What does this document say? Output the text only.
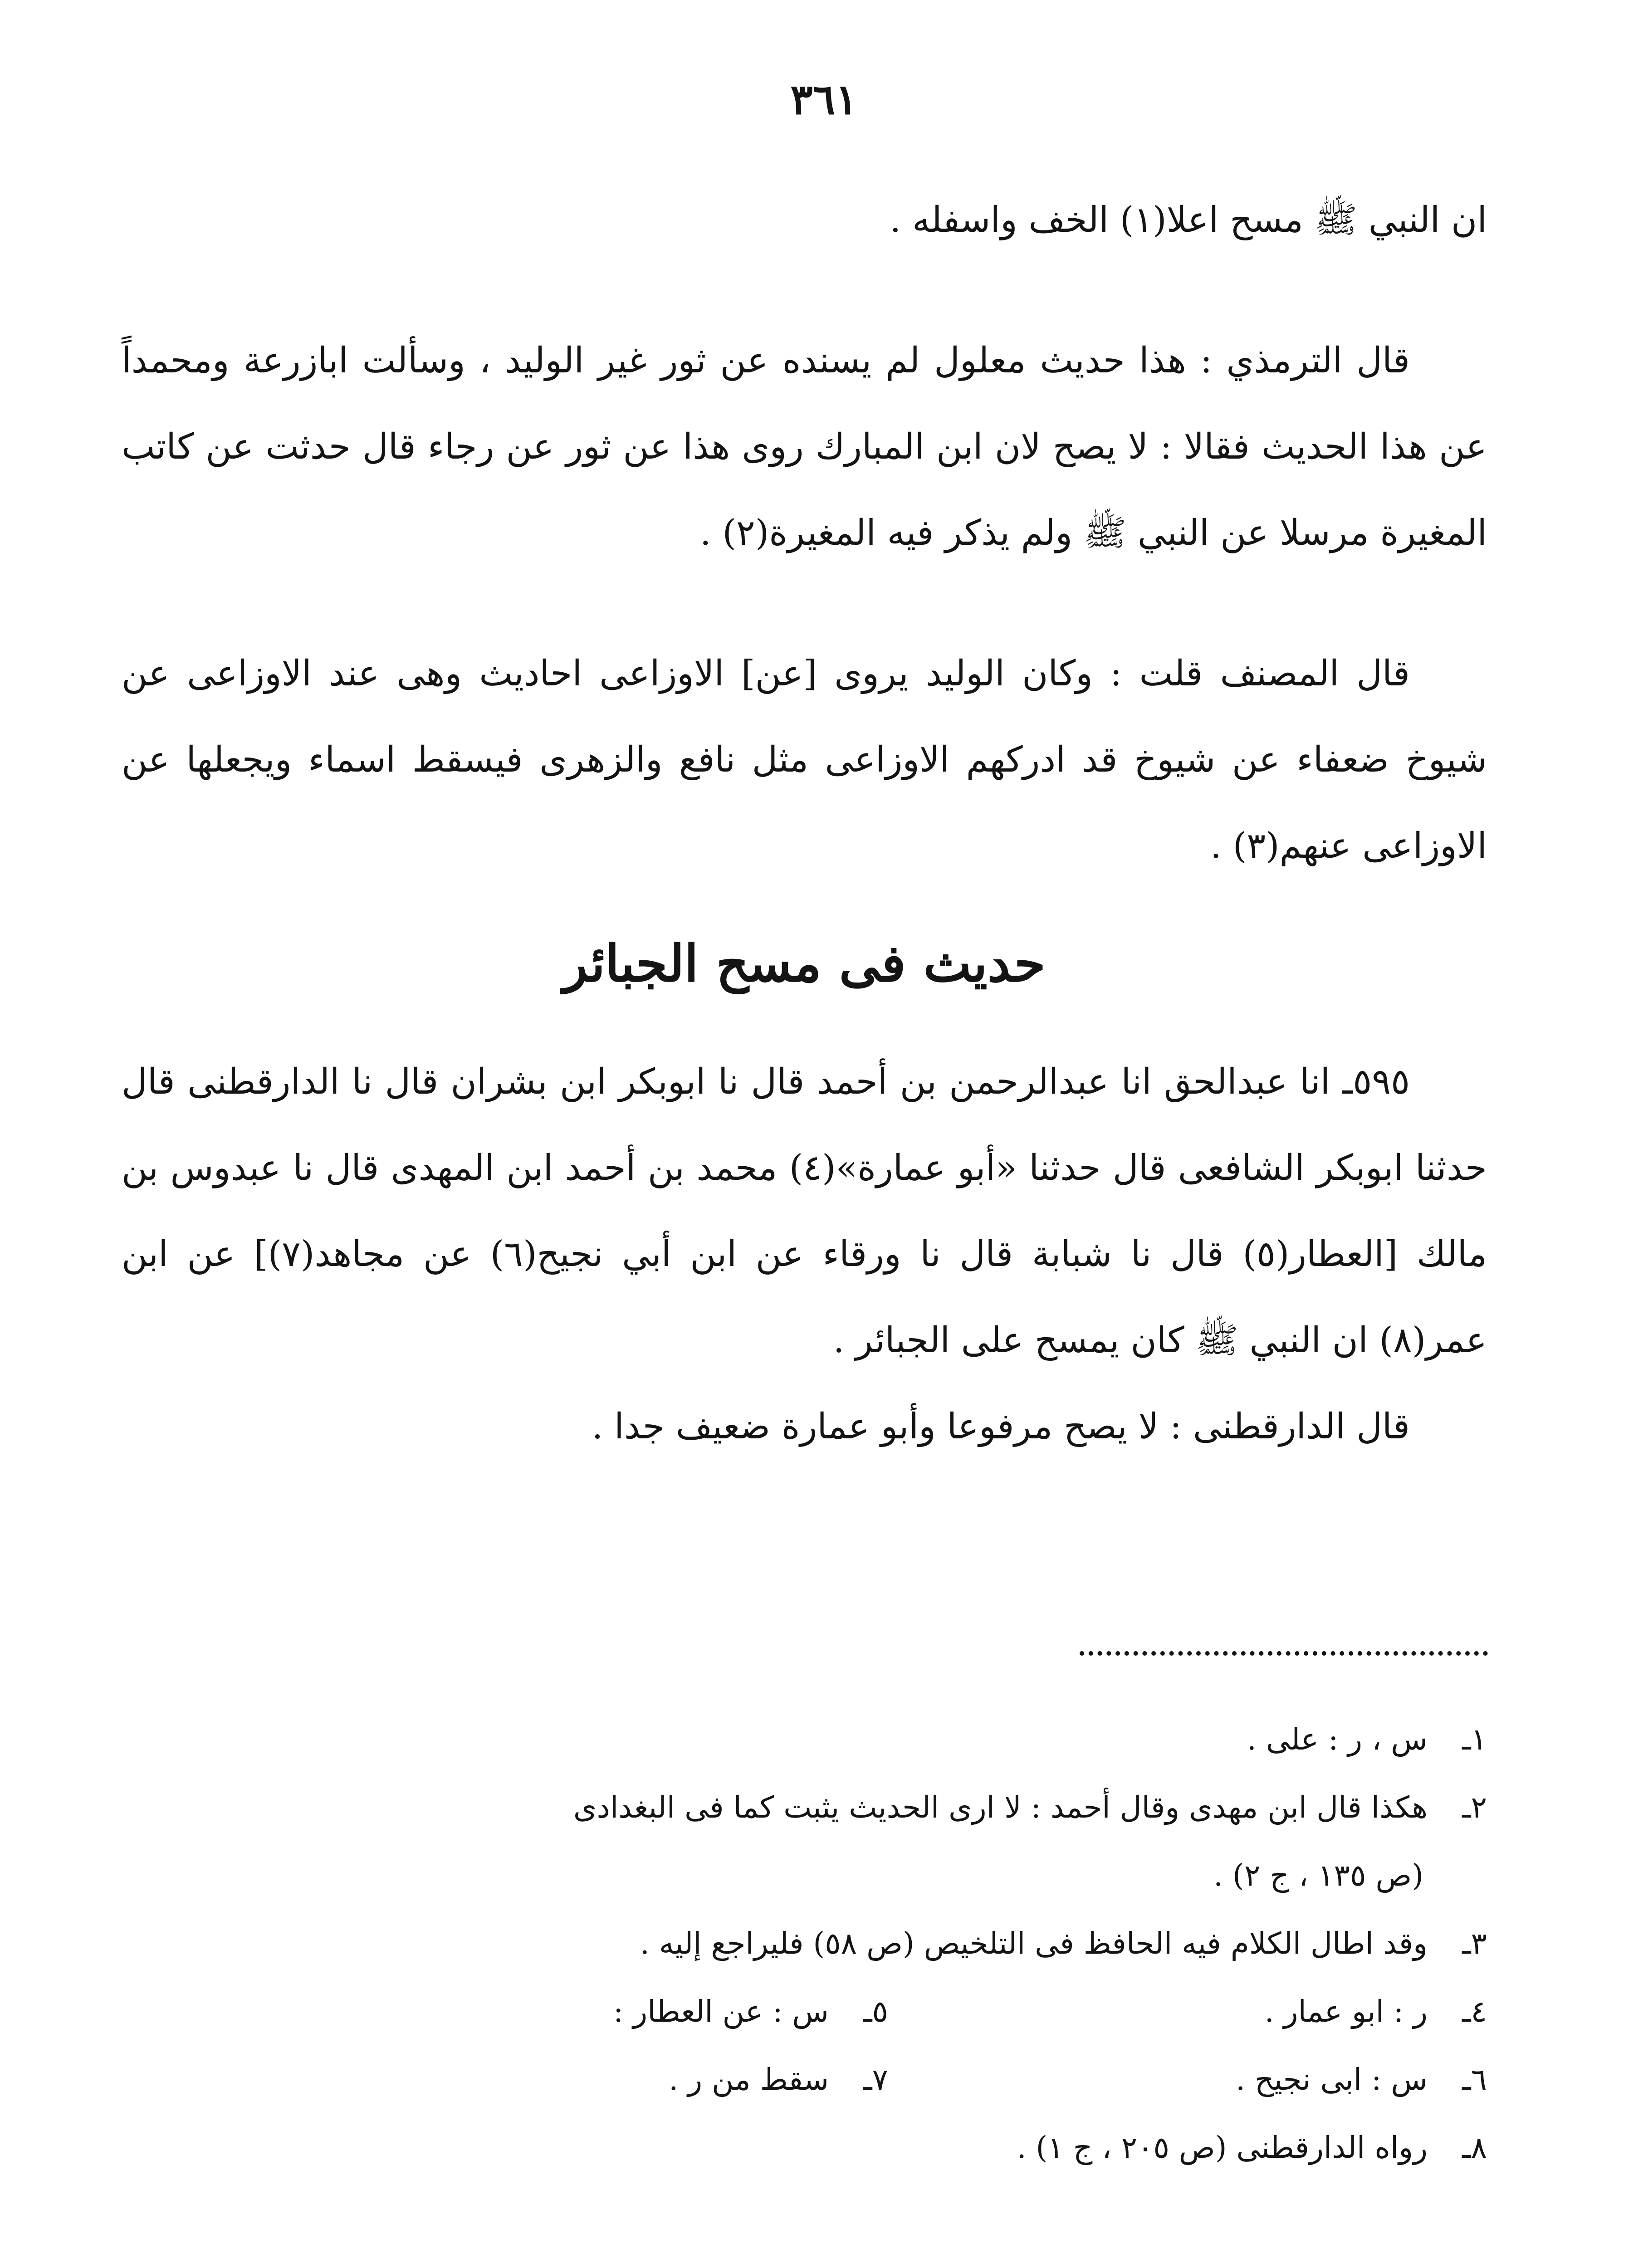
٣٦١

ان النبي ﷺ مسح اعلا(١) الخف واسفله .

قال الترمذي : هذا حديث معلول لم يسنده عن ثور غير الوليد ، وسألت ابازرعة ومحمداً عن هذا الحديث فقالا : لا يصح لان ابن المبارك روى هذا عن ثور عن رجاء قال حدثت عن كاتب المغيرة مرسلا عن النبي ﷺ ولم يذكر فيه المغيرة(٢) .

قال المصنف قلت : وكان الوليد يروى [عن] الاوزاعى احاديث وهى عند الاوزاعى عن شيوخ ضعفاء عن شيوخ قد ادركهم الاوزاعى مثل نافع والزهرى فيسقط اسماء ويجعلها عن الاوزاعى عنهم(٣) .

حديث فى مسح الجبائر

٥٩٥ـ انا عبدالحق انا عبدالرحمن بن أحمد قال نا ابوبكر ابن بشران قال نا الدارقطنى قال حدثنا ابوبكر الشافعى قال حدثنا «أبو عمارة»(٤) محمد بن أحمد ابن المهدى قال نا عبدوس بن مالك [العطار(٥) قال نا شبابة قال نا ورقاء عن ابن أبي نجيح(٦) عن مجاهد(٧)] عن ابن عمر(٨) ان النبي ﷺ كان يمسح على الجبائر .

قال الدارقطنى : لا يصح مرفوعا وأبو عمارة ضعيف جدا .

١ـ س ، ر : على .

٢ـ هكذا قال ابن مهدى وقال أحمد : لا ارى الحديث يثبت كما فى البغدادى

(ص ١٣٥ ، ج ٢) .

٣ـ وقد اطال الكلام فيه الحافظ فى التلخيص (ص ٥٨) فليراجع إليه .

٤ـ ر : ابو عمار .
٥ـ س : عن العطار :
٦ـ س : ابى نجيح .
٧ـ سقط من ر .

٨ـ رواه الدارقطنى (ص ٢٠٥ ، ج ١) .
